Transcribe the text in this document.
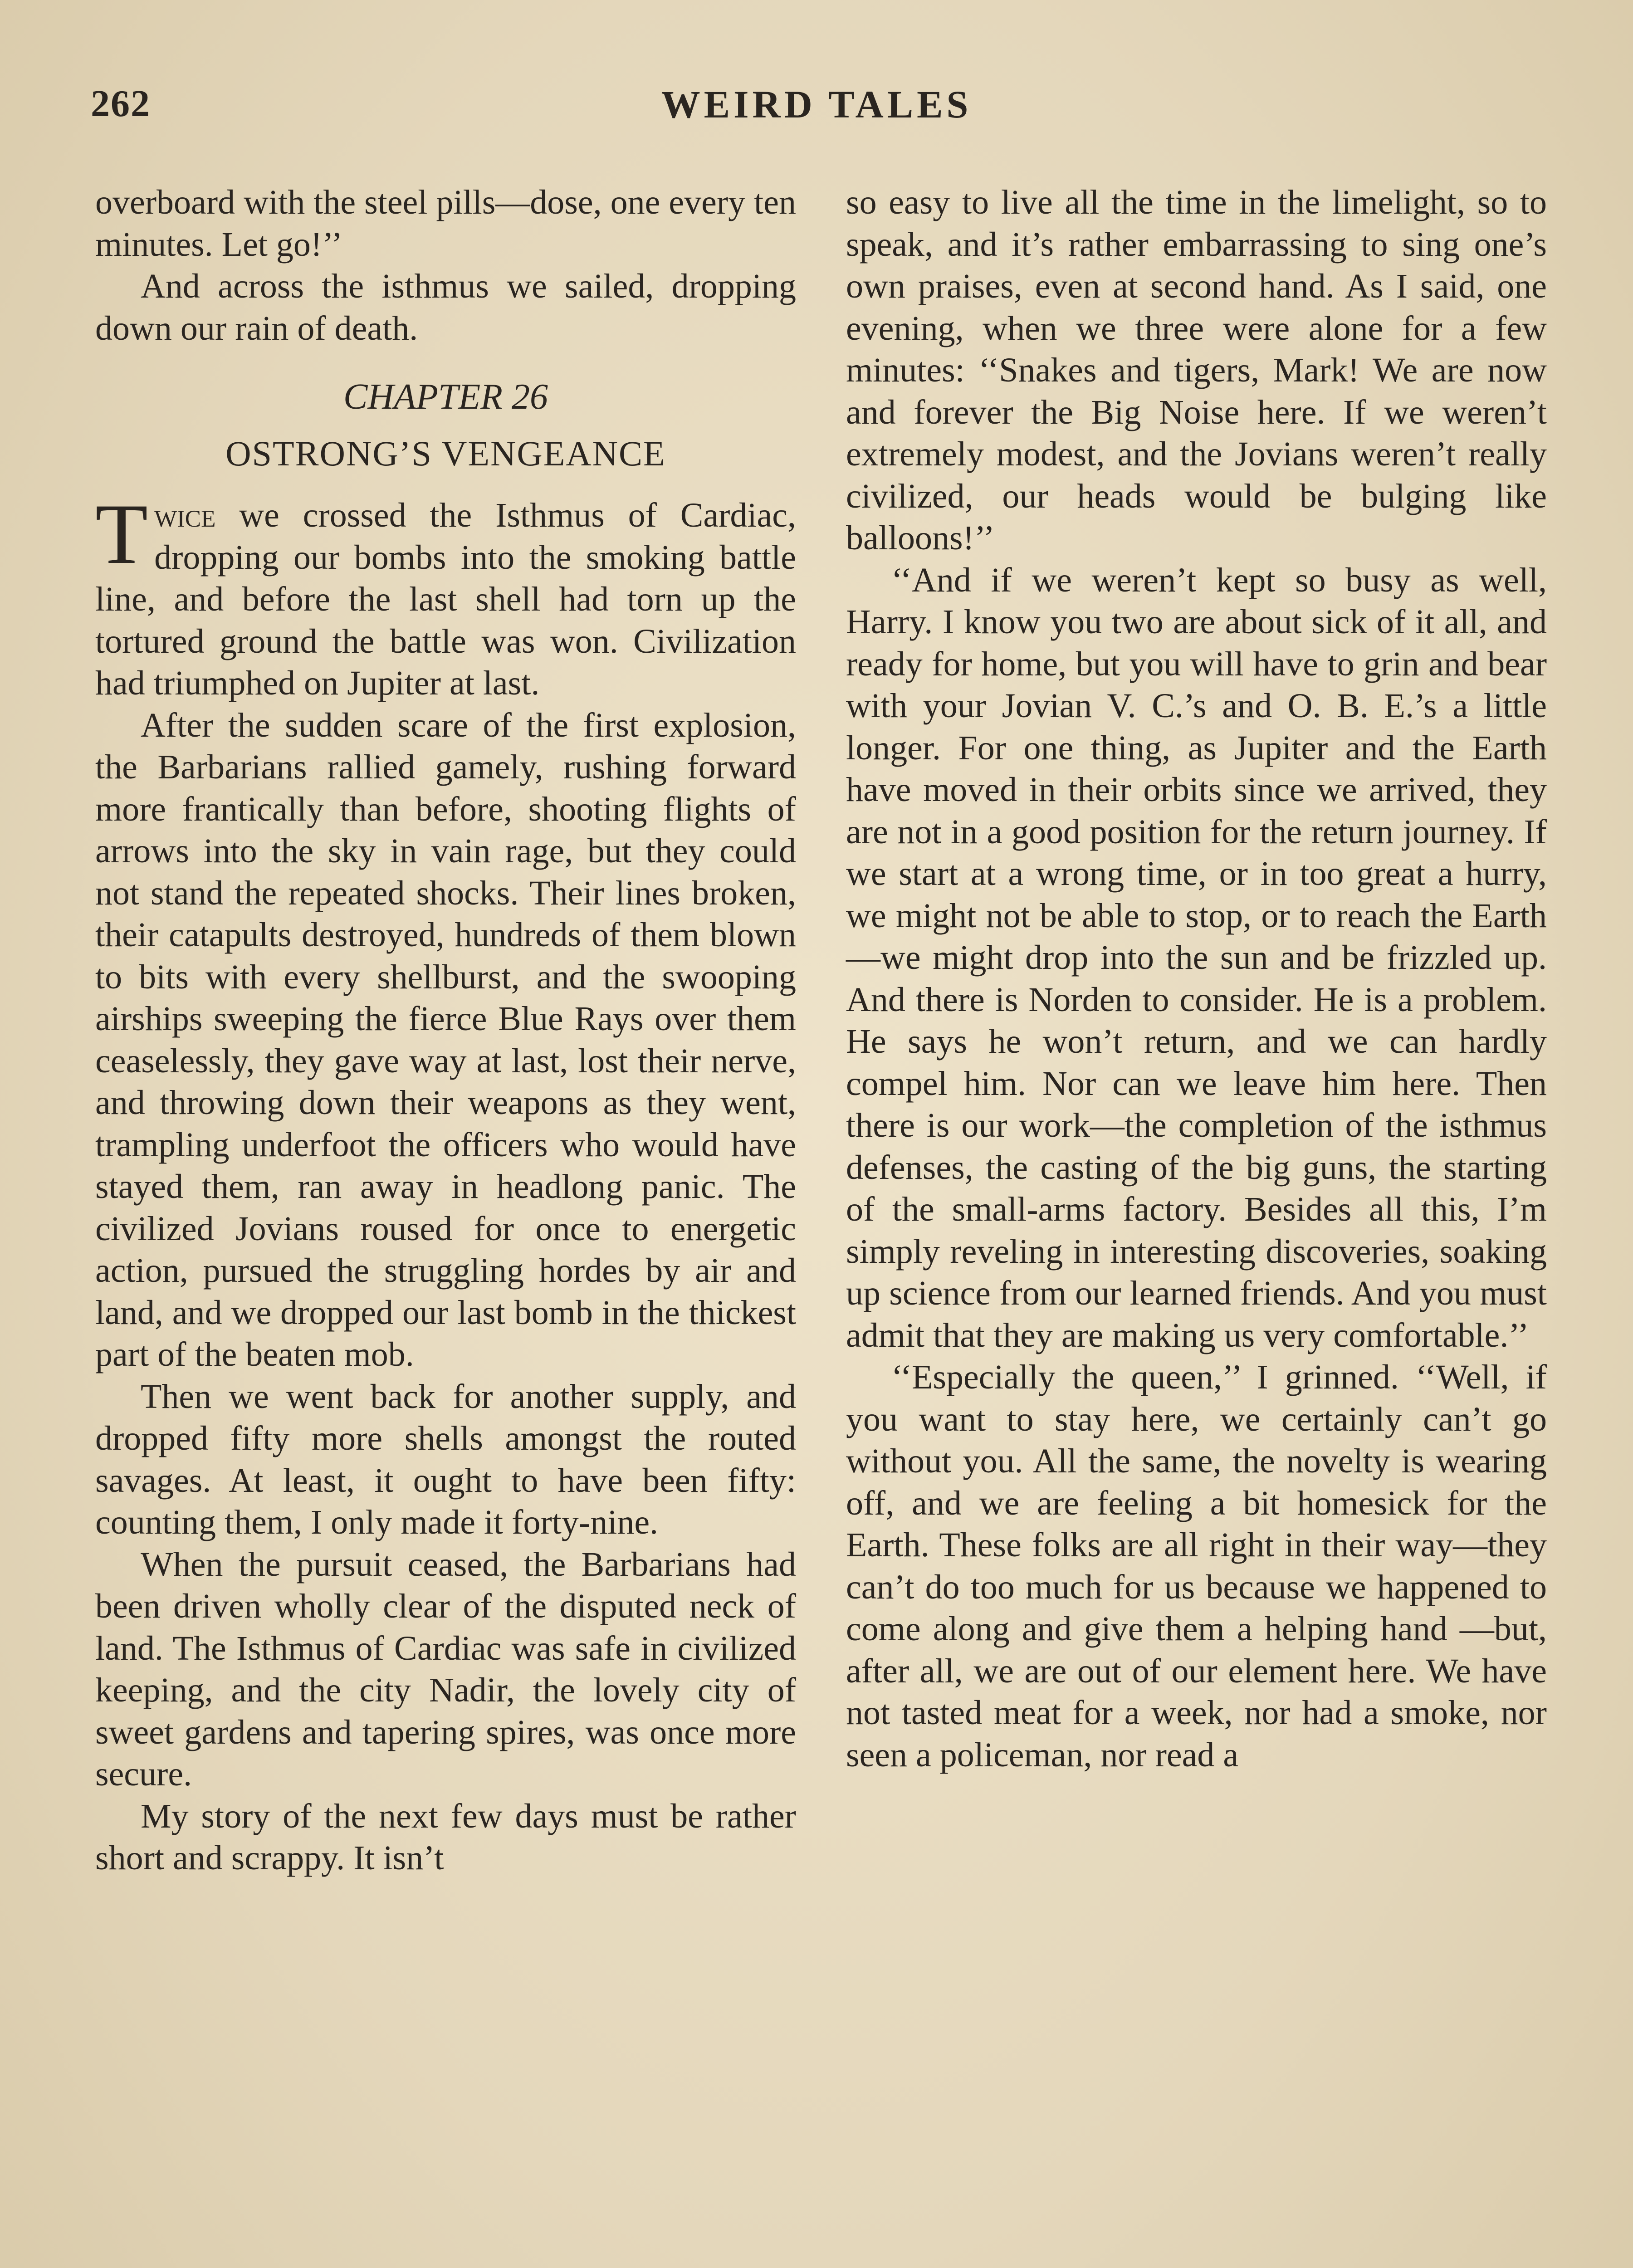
262	WEIRD TALES

overboard with the steel pills—dose, one every ten minutes. Let go!’’

And across the isthmus we sailed, dropping down our rain of death.

CHAPTER 26
OSTRONG’S VENGEANCE

Twice we crossed the Isthmus of Cardiac, dropping our bombs into the smoking battle line, and before the last shell had torn up the tortured ground the battle was won. Civilization had triumphed on Jupiter at last.

After the sudden scare of the first explosion, the Barbarians rallied gamely, rushing forward more frantically than before, shooting flights of arrows into the sky in vain rage, but they could not stand the repeated shocks. Their lines broken, their catapults destroyed, hundreds of them blown to bits with every shellburst, and the swooping airships sweeping the fierce Blue Rays over them ceaselessly, they gave way at last, lost their nerve, and throwing down their weapons as they went, trampling underfoot the officers who would have stayed them, ran away in headlong panic. The civilized Jovians roused for once to energetic action, pursued the struggling hordes by air and land, and we dropped our last bomb in the thickest part of the beaten mob.

Then we went back for another supply, and dropped fifty more shells amongst the routed savages. At least, it ought to have been fifty: counting them, I only made it forty-nine.

When the pursuit ceased, the Barbarians had been driven wholly clear of the disputed neck of land. The Isthmus of Cardiac was safe in civilized keeping, and the city Nadir, the lovely city of sweet gardens and tapering spires, was once more secure.

My story of the next few days must be rather short and scrappy. It isn’t

so easy to live all the time in the limelight, so to speak, and it’s rather embarrassing to sing one’s own praises, even at second hand. As I said, one evening, when we three were alone for a few minutes: ‘‘Snakes and tigers, Mark! We are now and forever the Big Noise here. If we weren’t extremely modest, and the Jovians weren’t really civilized, our heads would be bulging like balloons!’’

‘‘And if we weren’t kept so busy as well, Harry. I know you two are about sick of it all, and ready for home, but you will have to grin and bear with your Jovian V. C.’s and O. B. E.’s a little longer. For one thing, as Jupiter and the Earth have moved in their orbits since we arrived, they are not in a good position for the return journey. If we start at a wrong time, or in too great a hurry, we might not be able to stop, or to reach the Earth—we might drop into the sun and be frizzled up. And there is Norden to consider. He is a problem. He says he won’t return, and we can hardly compel him. Nor can we leave him here. Then there is our work—the completion of the isthmus defenses, the casting of the big guns, the starting of the small-arms factory. Besides all this, I’m simply reveling in interesting discoveries, soaking up science from our learned friends. And you must admit that they are making us very comfortable.’’

‘‘Especially the queen,’’ I grinned. ‘‘Well, if you want to stay here, we certainly can’t go without you. All the same, the novelty is wearing off, and we are feeling a bit homesick for the Earth. These folks are all right in their way—they can’t do too much for us because we happened to come along and give them a helping hand —but, after all, we are out of our element here. We have not tasted meat for a week, nor had a smoke, nor seen a policeman, nor read a
